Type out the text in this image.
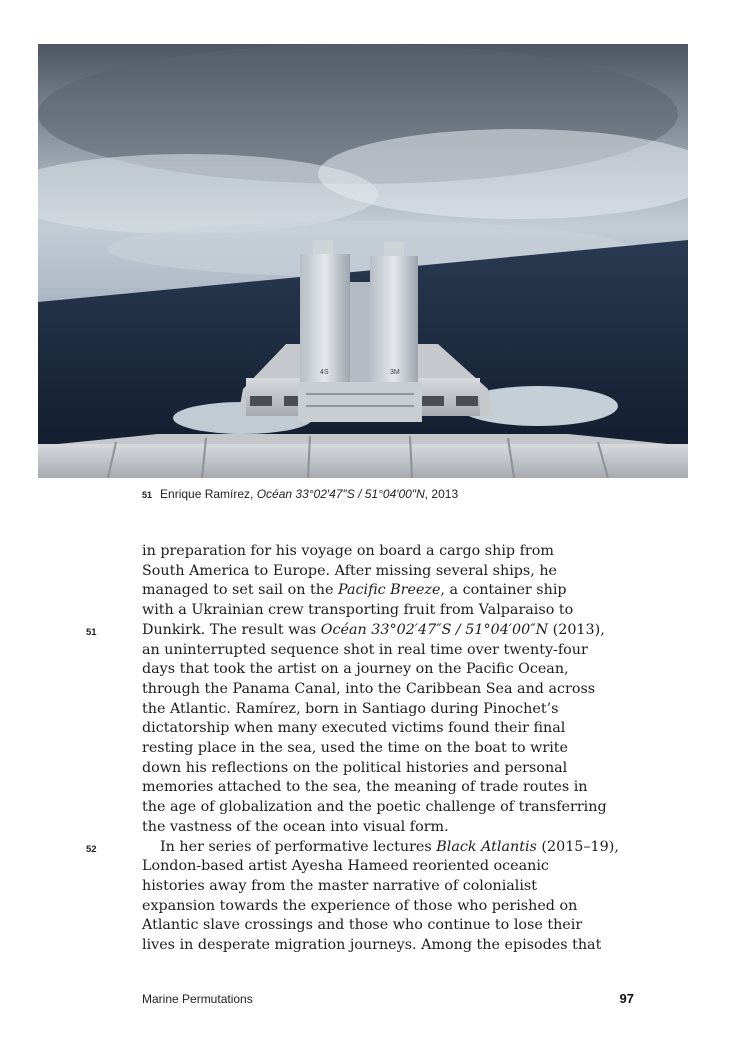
4S	3M
51 Enrique Ramírez, Océan 33°02′47″S / 51°04′00″N, 2013
in preparation for his voyage on board a cargo ship from
South America to Europe. After missing several ships, he
managed to set sail on the Pacific Breeze, a container ship
with a Ukrainian crew transporting fruit from Valparaiso to
Dunkirk. The result was Océan 33°02′47″S / 51°04′00″N (2013),
an uninterrupted sequence shot in real time over twenty-four
days that took the artist on a journey on the Pacific Ocean,
through the Panama Canal, into the Caribbean Sea and across
the Atlantic. Ramírez, born in Santiago during Pinochet’s
dictatorship when many executed victims found their final
resting place in the sea, used the time on the boat to write
down his reflections on the political histories and personal
memories attached to the sea, the meaning of trade routes in
the age of globalization and the poetic challenge of transferring
the vastness of the ocean into visual form.
In her series of performative lectures Black Atlantis (2015–19),
London-based artist Ayesha Hameed reoriented oceanic
histories away from the master narrative of colonialist
expansion towards the experience of those who perished on
Atlantic slave crossings and those who continue to lose their
lives in desperate migration journeys. Among the episodes that
51
52
Marine Permutations	97
